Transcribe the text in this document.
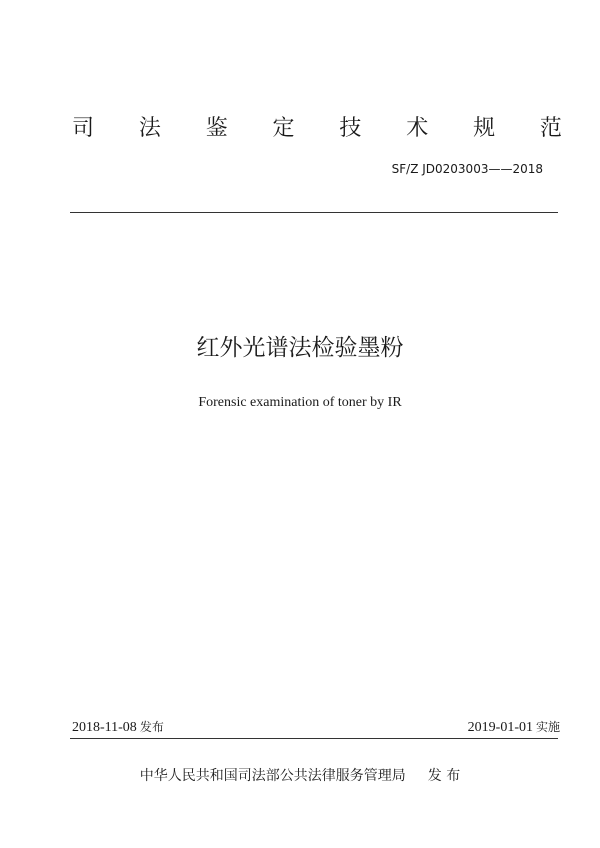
司 法 鉴 定 技 术 规 范
SF/Z JD0203003——2018
红外光谱法检验墨粉
Forensic examination of toner by IR
2018-11-08 发布	2019-01-01 实施
中华人民共和国司法部公共法律服务管理局 发 布
